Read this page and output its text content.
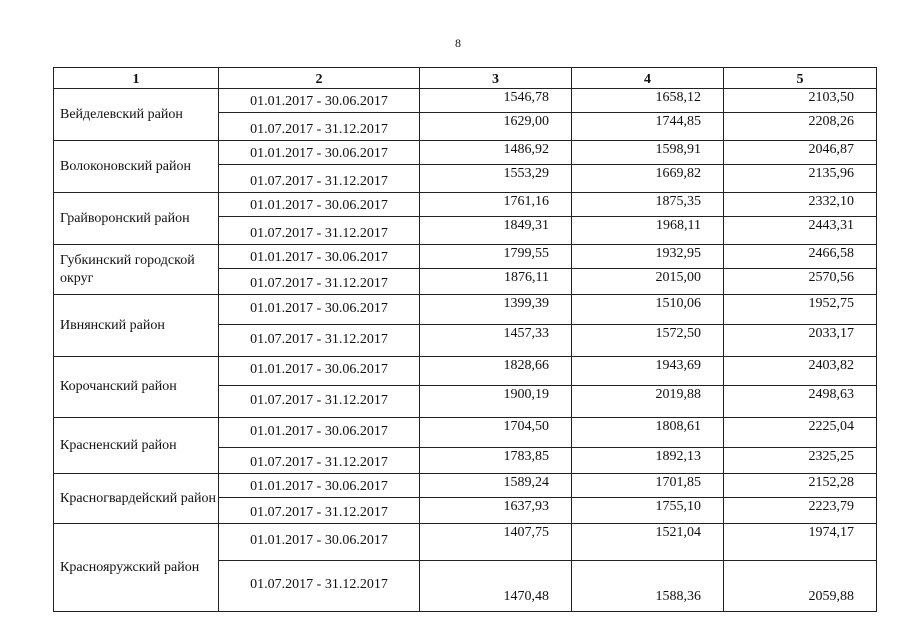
8
1	2	3	4	5
Вейделевский район	01.01.2017 - 30.06.2017	1546,78	1658,12	2103,50
	01.07.2017 - 31.12.2017	1629,00	1744,85	2208,26
Волоконовский район	01.01.2017 - 30.06.2017	1486,92	1598,91	2046,87
	01.07.2017 - 31.12.2017	1553,29	1669,82	2135,96
Грайворонский район	01.01.2017 - 30.06.2017	1761,16	1875,35	2332,10
	01.07.2017 - 31.12.2017	1849,31	1968,11	2443,31
Губкинский городской округ	01.01.2017 - 30.06.2017	1799,55	1932,95	2466,58
	01.07.2017 - 31.12.2017	1876,11	2015,00	2570,56
Ивнянский район	01.01.2017 - 30.06.2017	1399,39	1510,06	1952,75
	01.07.2017 - 31.12.2017	1457,33	1572,50	2033,17
Корочанский район	01.01.2017 - 30.06.2017	1828,66	1943,69	2403,82
	01.07.2017 - 31.12.2017	1900,19	2019,88	2498,63
Красненский район	01.01.2017 - 30.06.2017	1704,50	1808,61	2225,04
	01.07.2017 - 31.12.2017	1783,85	1892,13	2325,25
Красногвардейский район	01.01.2017 - 30.06.2017	1589,24	1701,85	2152,28
	01.07.2017 - 31.12.2017	1637,93	1755,10	2223,79
Краснояружский район	01.01.2017 - 30.06.2017	1407,75	1521,04	1974,17
	01.07.2017 - 31.12.2017	1470,48	1588,36	2059,88
